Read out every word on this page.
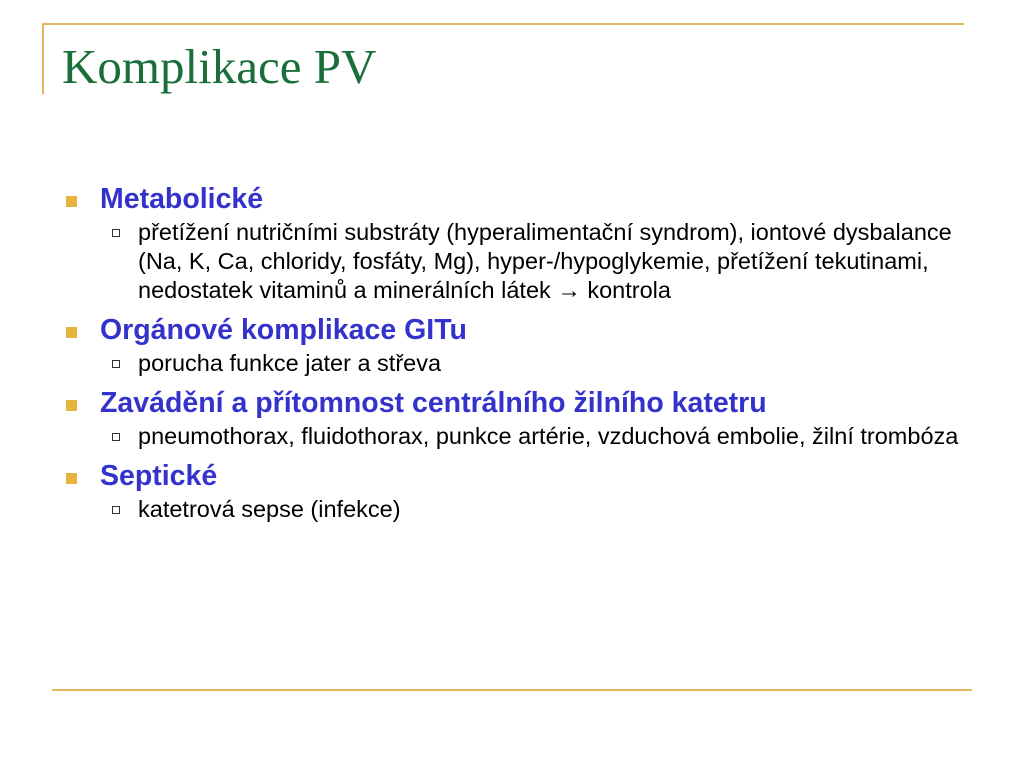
Komplikace PV
Metabolické
přetížení nutričními substráty (hyperalimentační syndrom), iontové dysbalance (Na, K, Ca, chloridy, fosfáty, Mg), hyper-/hypoglykemie, přetížení tekutinami, nedostatek vitaminů a minerálních látek → kontrola
Orgánové komplikace GITu
porucha funkce jater a střeva
Zavádění a přítomnost centrálního žilního katetru
pneumothorax, fluidothorax, punkce artérie, vzduchová embolie, žilní trombóza
Septické
katetrová sepse (infekce)
